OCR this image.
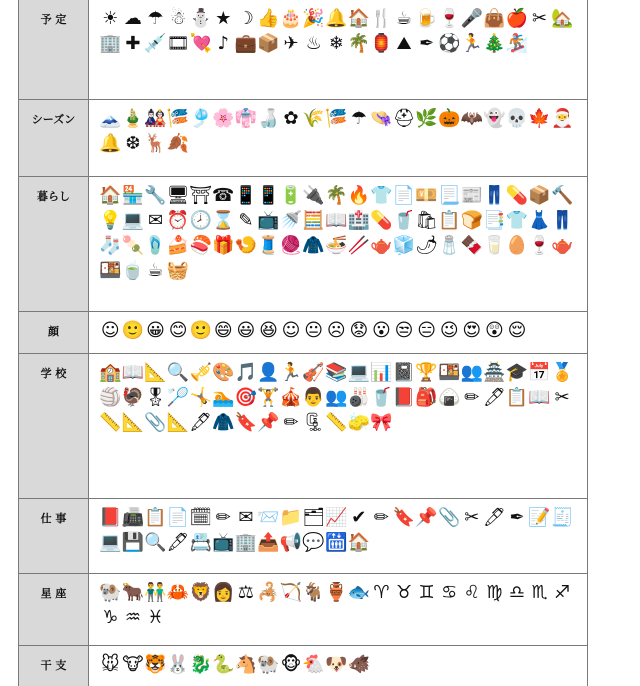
予 定	☀ ☁ ☂ ☃ ⛄ ★ ☽ 👍 🎂 🎉 🔔 🏠 🍴 ☕ 🍺 🍷 🎤 👜 🍎 ✂ 🏡
🏢 ✚ 💉 🎞 💘 ♪ 💼 📦 ✈ ♨ ❄ 🌴 🏮 ⛰ ✒ ⚽ 🏃 🎄 🏂
シーズン	🗻 🎍 🎎 🎏 🎐 🌸 👘 🍶 ✿ 🌾 🎏 ☂ 👒 ⛑ 🌿 🎃 🦇 👻 💀 🍁 🎅
🔔 ❆ 🦌 🍂
暮らし	🏠 🏪 🔧 🖥 ⛩ ☎ 📱 📱 🔋 🔌 🌴 🔥 👕 📄 💴 📃 📰 👖 💊 📦 🔨
💡 💻 ✉ ⏰ 🕗 ⌛ ✎ 📺 🚿 🧮 📖 🏥 💊 🥤 🛍 📋 🍞 📑 👕 👗 👖
🧦 🍡 🩴 🍰 🍣 🎁 🍤 🧵 🧶 🧥 🍜 🥢 🫖 🧊 🌶 🧂 🍫 🥛 🥚 🍷 🫖
🍱 🍵 ☕ 🧺
顔	☺ 🙂 😀 😊 🙂 😄 😃 😆 ☺ 😐 ☹ 😟 😮 😒 😑 😉 😍 😲 😌
学 校	🏫 📖 📐 🔍 🎺 🎨 🎵 👤 🏃 🎻 📚 💻 📊 📓 🏆 🍱 👥 🏯 🎓 📅 🏅
🏐 🦃 🎖 🏸 🤸 🏊 🎯 🏋 🎪 👨 👥 🎳 🥤 📕 🎒 🍙 ✏ 🖊 📋 📖 ✂
📏 📐 📎 📐 🖋 🧥 🔖 📌 ✏ 🗜 📏 🧽 🎀
仕 事	📕 📠 📋 📄 🗓 ✏ ✉ 📨 📁 🗂 📈 ✔ ✏ 🔖 📌 📎 ✂ 🖊 ✒ 📝 🧾
💻 💾 🔍 🖋 📇 📺 🏢 📤 📢 💬 🛗 🏠
星 座	🐏 🐂 👬 🦀 🦁 👩 ⚖ 🦂 🏹 🐐 🏺 🐟 ♈ ♉ ♊ ♋ ♌ ♍ ♎ ♏ ♐
♑ ♒ ♓
干 支	🐭 🐮 🐯 🐰 🐉 🐍 🐴 🐏 🐵 🐔 🐶 🐗
